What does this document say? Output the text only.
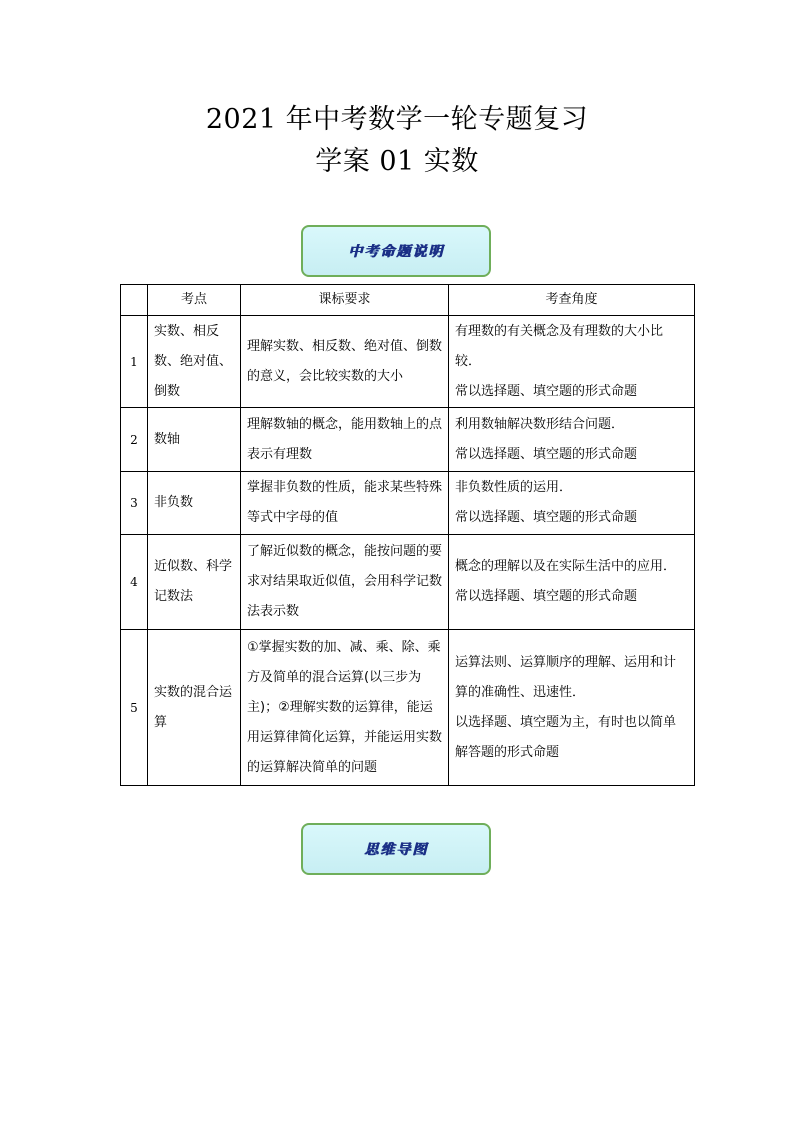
2021 年中考数学一轮专题复习
学案 01 实数
中考命题说明
	考点	课标要求	考查角度
1	实数、相反数、绝对值、倒数	理解实数、相反数、绝对值、倒数的意义，会比较实数的大小	有理数的有关概念及有理数的大小比较．
常以选择题、填空题的形式命题

2	数轴	理解数轴的概念，能用数轴上的点表示有理数	利用数轴解决数形结合问题．
常以选择题、填空题的形式命题

3	非负数	掌握非负数的性质，能求某些特殊等式中字母的值	非负数性质的运用．
常以选择题、填空题的形式命题

4	近似数、科学记数法	了解近似数的概念，能按问题的要求对结果取近似值，会用科学记数法表示数	概念的理解以及在实际生活中的应用．
常以选择题、填空题的形式命题

5	实数的混合运算	①掌握实数的加、减、乘、除、乘方及简单的混合运算(以三步为主)；②理解实数的运算律，能运用运算律简化运算，并能运用实数的运算解决简单的问题	运算法则、运算顺序的理解、运用和计算的准确性、迅速性．
以选择题、填空题为主，有时也以简单解答题的形式命题
思维导图
